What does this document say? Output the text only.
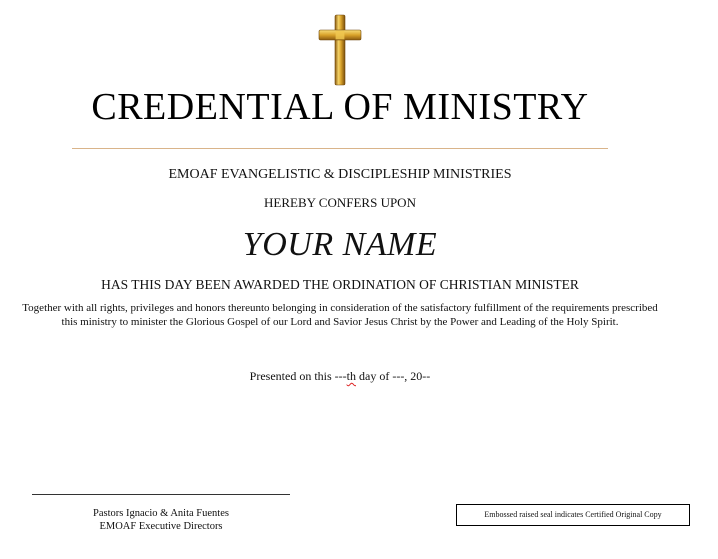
CREDENTIAL OF MINISTRY
EMOAF EVANGELISTIC & DISCIPLESHIP MINISTRIES
HEREBY CONFERS UPON
YOUR NAME
HAS THIS DAY BEEN AWARDED THE ORDINATION OF CHRISTIAN MINISTER
Together with all rights, privileges and honors thereunto belonging in consideration of the satisfactory fulfillment of the requirements prescribed this ministry to minister the Glorious Gospel of our Lord and Savior Jesus Christ by the Power and Leading of the Holy Spirit.
Presented on this ---th day of ---, 20--
Pastors Ignacio & Anita Fuentes
EMOAF Executive Directors
Embossed raised seal indicates Certified Original Copy
